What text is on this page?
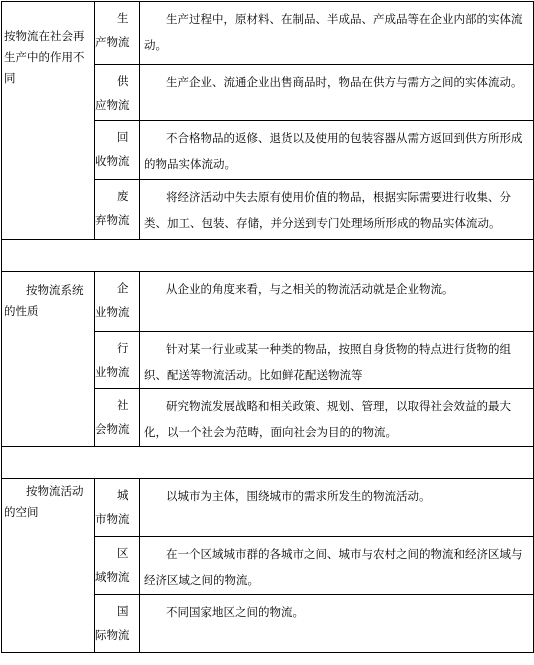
按物流在社会再生产中的作用不同	生产物流	生产过程中，原材料、在制品、半成品、产成品等在企业内部的实体流动。

	供应物流	生产企业、流通企业出售商品时，物品在供方与需方之间的实体流动。

	回收物流	不合格物品的返修、退货以及使用的包装容器从需方返回到供方所形成的物品实体流动。

	废弃物流	将经济活动中失去原有使用价值的物品，根据实际需要进行收集、分类、加工、包装、存储，并分送到专门处理场所形成的物品实体流动。

按物流系统的性质	企业物流	从企业的角度来看，与之相关的物流活动就是企业物流。

	行业物流	针对某一行业或某一种类的物品，按照自身货物的特点进行货物的组织、配送等物流活动。比如鲜花配送物流等

	社会物流	研究物流发展战略和相关政策、规划、管理，以取得社会效益的最大化，以一个社会为范畴，面向社会为目的的物流。

按物流活动的空间	城市物流	以城市为主体，围绕城市的需求所发生的物流活动。

	区域物流	在一个区域城市群的各城市之间、城市与农村之间的物流和经济区域与经济区域之间的物流。

	国际物流	不同国家地区之间的物流。
